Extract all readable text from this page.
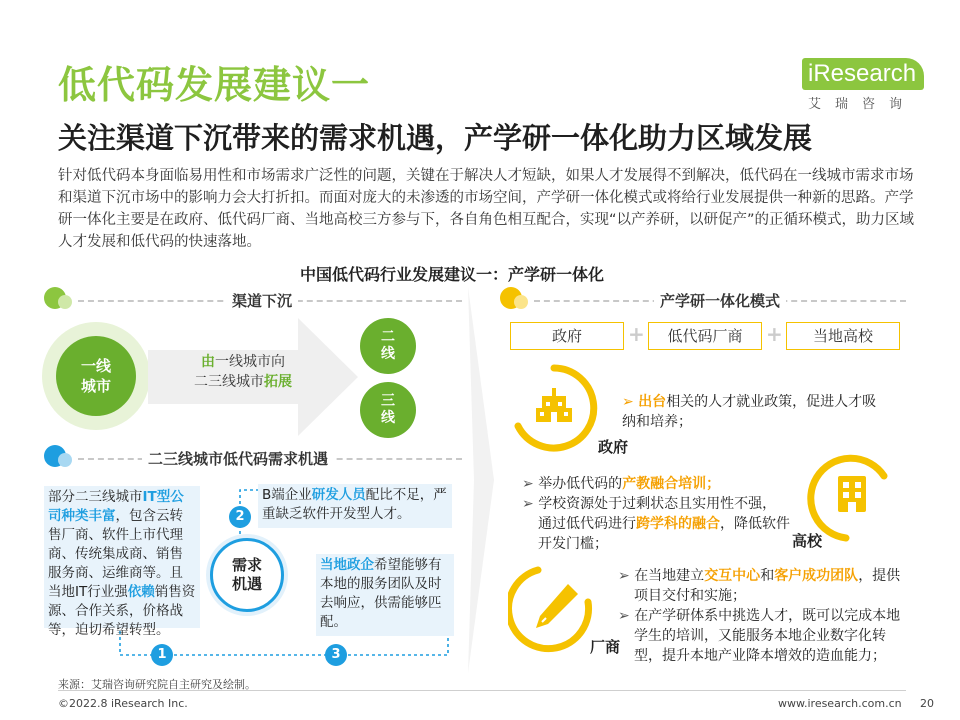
低代码发展建议一
关注渠道下沉带来的需求机遇，产学研一体化助力区域发展
针对低代码本身面临易用性和市场需求广泛性的问题，关键在于解决人才短缺，如果人才发展得不到解决，低代码在一线城市需求市场和渠道下沉市场中的影响力会大打折扣。而面对庞大的未渗透的市场空间，产学研一体化模式或将给行业发展提供一种新的思路。产学研一体化主要是在政府、低代码厂商、当地高校三方参与下，各自角色相互配合，实现“以产养研，以研促产”的正循环模式，助力区域人才发展和低代码的快速落地。
iResearch
艾瑞咨询
中国低代码行业发展建议一：产学研一体化
渠道下沉
一线城市
由一线城市向
二三线城市拓展
二线
三线
二三线城市低代码需求机遇
部分二三线城市IT型公司种类丰富，包含云转售厂商、软件上市代理商、传统集成商、销售服务商、运维商等。且当地IT行业强依赖销售资源、合作关系，价格战等，迫切希望转型。
需求机遇
B端企业研发人员配比不足，严重缺乏软件开发型人才。
当地政企希望能够有本地的服务团队及时去响应，供需能够匹配。
2
1	3
产学研一体化模式
政府	+	低代码厂商	+	当地高校
政府
➢ 出台相关的人才就业政策，促进人才吸纳和培养；
➢ 举办低代码的产教融合培训；
➢ 学校资源处于过剩状态且实用性不强，通过低代码进行跨学科的融合，降低软件开发门槛；	高校
厂商
➢ 在当地建立交互中心和客户成功团队，提供项目交付和实施；
➢ 在产学研体系中挑选人才，既可以完成本地学生的培训，又能服务本地企业数字化转型，提升本地产业降本增效的造血能力；
来源：艾瑞咨询研究院自主研究及绘制。
©2022.8 iResearch Inc.	www.iresearch.com.cn 20
